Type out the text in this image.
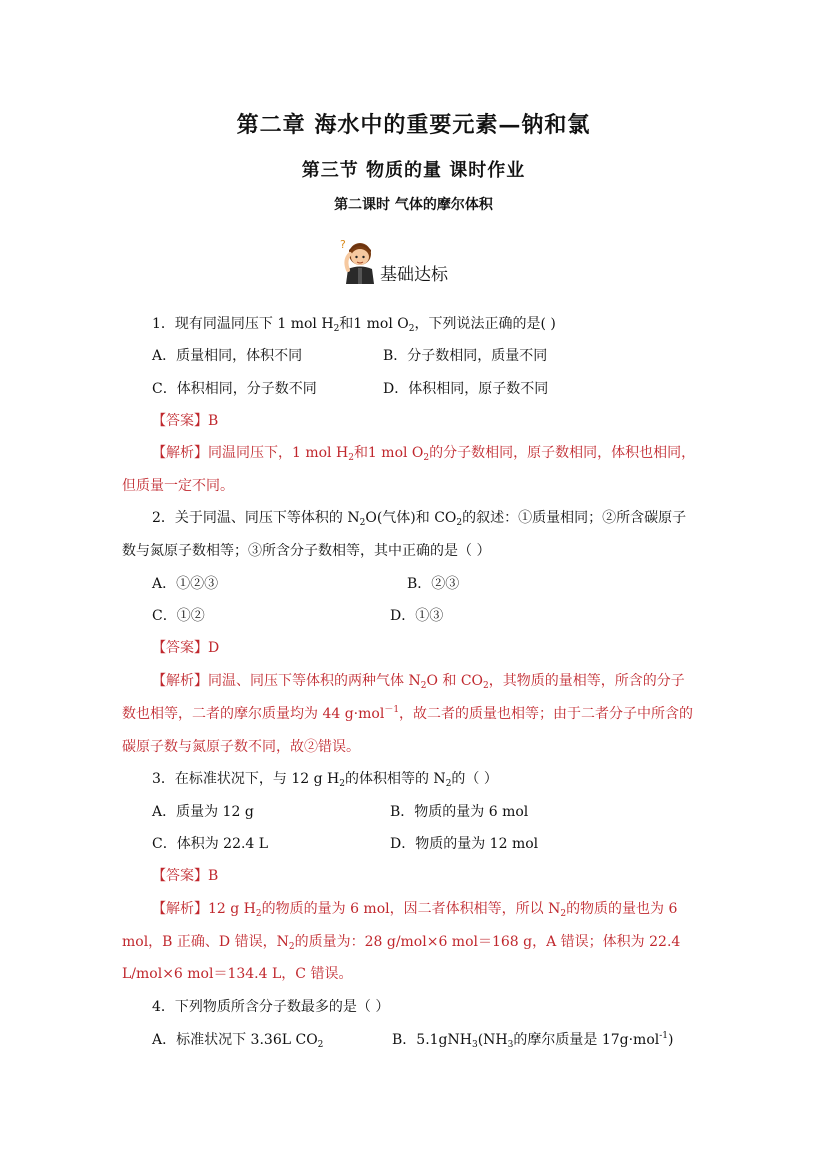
第二章 海水中的重要元素—钠和氯
第三节 物质的量 课时作业
第二课时 气体的摩尔体积
?
基础达标
1．现有同温同压下 1 mol $H_2$和1 mol $O_2$，下列说法正确的是( )
A．质量相同，体积不同	B．分子数相同，质量不同
C．体积相同，分子数不同	D．体积相同，原子数不同
【答案】B
【解析】同温同压下，1 mol $H_2$和1 mol $O_2$的分子数相同，原子数相同，体积也相同，
但质量一定不同。
2．关于同温、同压下等体积的 $N_2O$(气体)和 $CO_2$的叙述：①质量相同；②所含碳原子
数与氮原子数相等；③所含分子数相等，其中正确的是（ ）
A．①②③	B．②③
C．①②	D．①③
【答案】D
【解析】同温、同压下等体积的两种气体 $N_2O$ 和 $CO_2$，其物质的量相等，所含的分子
数也相等，二者的摩尔质量均为 44 g·mol$^{-1}$，故二者的质量也相等；由于二者分子中所含的
碳原子数与氮原子数不同，故②错误。
3．在标准状况下，与 12 g $H_2$的体积相等的 $N_2$的（ ）
A．质量为 12 g	B．物质的量为 6 mol
C．体积为 22.4 L	D．物质的量为 12 mol
【答案】B
【解析】12 g $H_2$的物质的量为 6 mol，因二者体积相等，所以 $N_2$的物质的量也为 6
mol，B 正确、D 错误，$N_2$的质量为：28 g/mol×6 mol＝168 g，A 错误；体积为 22.4
L/mol×6 mol＝134.4 L，C 错误。
4．下列物质所含分子数最多的是（ ）
A．标准状况下 3.36L $CO_2$	B．$5.1gNH_3(NH_3$的摩尔质量是 17g·mol$^{-1}$)
